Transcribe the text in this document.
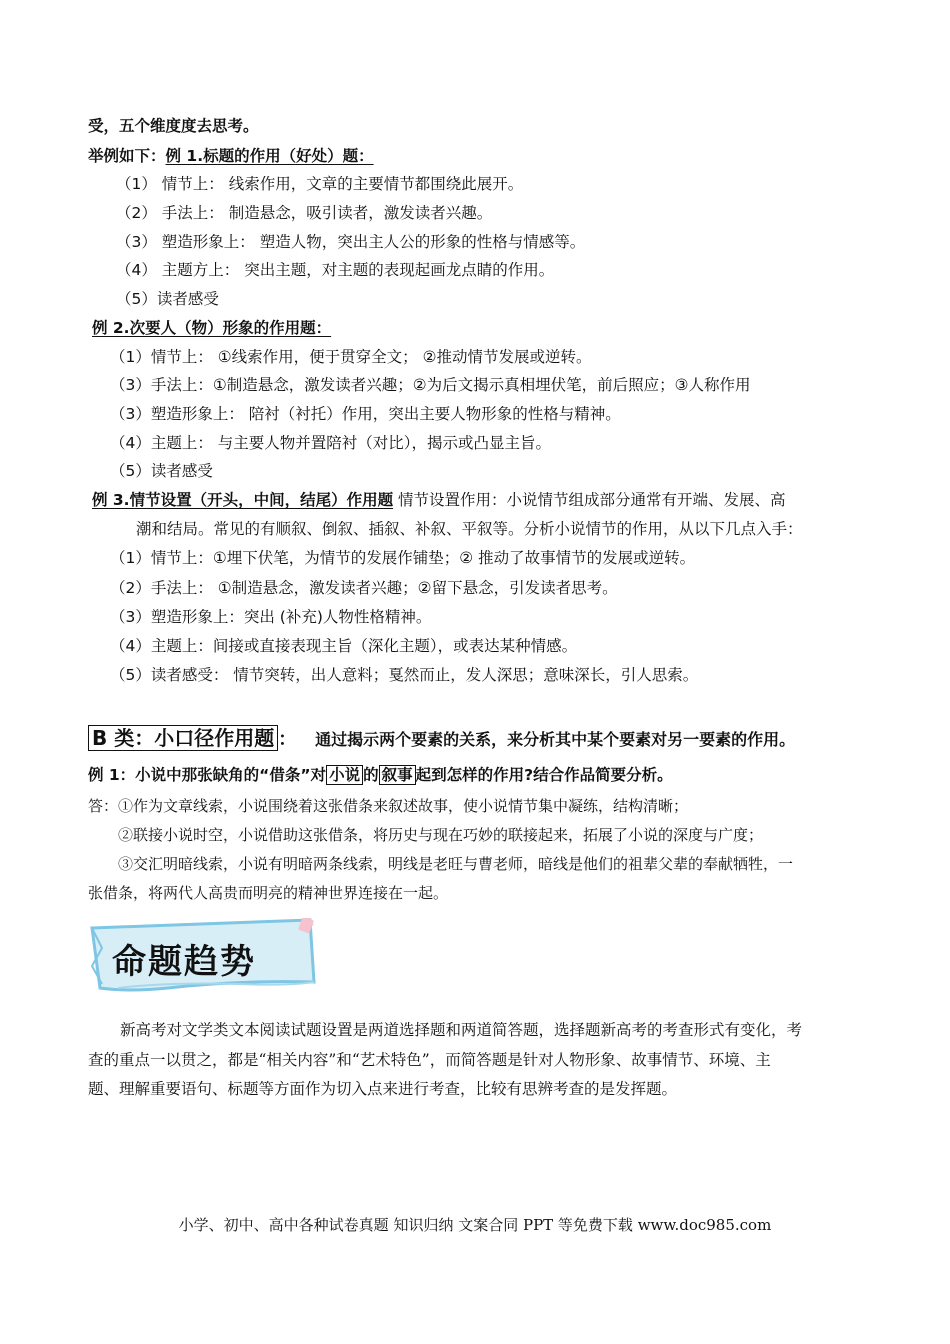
受，五个维度度去思考。
举例如下：例 1.标题的作用（好处）题：
（1） 情节上： 线索作用，文章的主要情节都围绕此展开。
（2） 手法上： 制造悬念，吸引读者，激发读者兴趣。
（3） 塑造形象上： 塑造人物，突出主人公的形象的性格与情感等。
（4） 主题方上： 突出主题，对主题的表现起画龙点睛的作用。
（5）读者感受
例 2.次要人（物）形象的作用题：
（1）情节上： ①线索作用，便于贯穿全文； ②推动情节发展或逆转。
（3）手法上：①制造悬念，激发读者兴趣；②为后文揭示真相埋伏笔，前后照应；③人称作用
（3）塑造形象上： 陪衬（衬托）作用，突出主要人物形象的性格与精神。
（4）主题上： 与主要人物并置陪衬（对比），揭示或凸显主旨。
（5）读者感受
例 3.情节设置（开头，中间，结尾）作用题 情节设置作用：小说情节组成部分通常有开端、发展、高
潮和结局。常见的有顺叙、倒叙、插叙、补叙、平叙等。分析小说情节的作用，从以下几点入手：
（1）情节上：①埋下伏笔，为情节的发展作铺垫；② 推动了故事情节的发展或逆转。
（2）手法上： ①制造悬念，激发读者兴趣；②留下悬念，引发读者思考。
（3）塑造形象上：突出 (补充)人物性格精神。
（4）主题上：间接或直接表现主旨（深化主题），或表达某种情感。
（5）读者感受： 情节突转，出人意料；戛然而止，发人深思；意味深长，引人思索。
B 类：小口径作用题 ： 通过揭示两个要素的关系，来分析其中某个要素对另一要素的作用。
例 1：小说中那张缺角的“借条”对 小说 的 叙事 起到怎样的作用?结合作品简要分析。
答：①作为文章线索，小说围绕着这张借条来叙述故事，使小说情节集中凝练，结构清晰；
②联接小说时空，小说借助这张借条，将历史与现在巧妙的联接起来，拓展了小说的深度与广度；
③交汇明暗线索，小说有明暗两条线索，明线是老旺与曹老师，暗线是他们的祖辈父辈的奉献牺牲，一
张借条，将两代人高贵而明亮的精神世界连接在一起。
命题趋势
新高考对文学类文本阅读试题设置是两道选择题和两道简答题，选择题新高考的考查形式有变化，考
查的重点一以贯之，都是“相关内容”和“艺术特色”，而简答题是针对人物形象、故事情节、环境、主
题、理解重要语句、标题等方面作为切入点来进行考查，比较有思辨考查的是发挥题。
小学、初中、高中各种试卷真题 知识归纳 文案合同 PPT 等免费下载 www.doc985.com
